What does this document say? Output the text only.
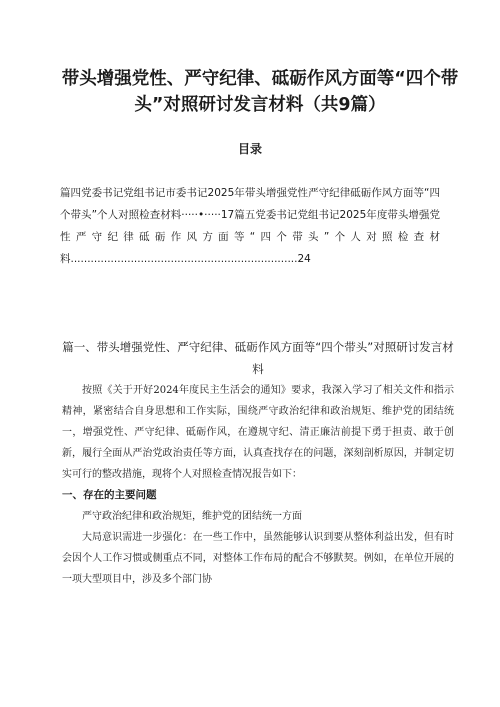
带头增强党性、严守纪律、砥砺作风方面等“四个带头”对照研讨发言材料（共9篇）
目录
篇四党委书记党组书记市委书记2025年带头增强党性严守纪律砥砺作风方面等“四个带头”个人对照检查材料·····•·····17篇五党委书记党组书记2025年度带头增强党性严守纪律砥砺作风方面等“四个带头”个人对照检查材料....................................................................24
篇一、带头增强党性、严守纪律、砥砺作风方面等“四个带头”对照研讨发言材料

按照《关于开好2024年度民主生活会的通知》要求，我深入学习了相关文件和指示精神，紧密结合自身思想和工作实际，围绕严守政治纪律和政治规矩、维护党的团结统一，增强党性、严守纪律、砥砺作风，在遵规守纪、清正廉洁前提下勇于担责、敢于创新，履行全面从严治党政治责任等方面，认真查找存在的问题，深刻剖析原因，并制定切实可行的整改措施，现将个人对照检查情况报告如下：

一、存在的主要问题

严守政治纪律和政治规矩，维护党的团结统一方面

大局意识需进一步强化：在一些工作中，虽然能够认识到要从整体利益出发，但有时会因个人工作习惯或侧重点不同，对整体工作布局的配合不够默契。例如，在单位开展的一项大型项目中，涉及多个部门协
